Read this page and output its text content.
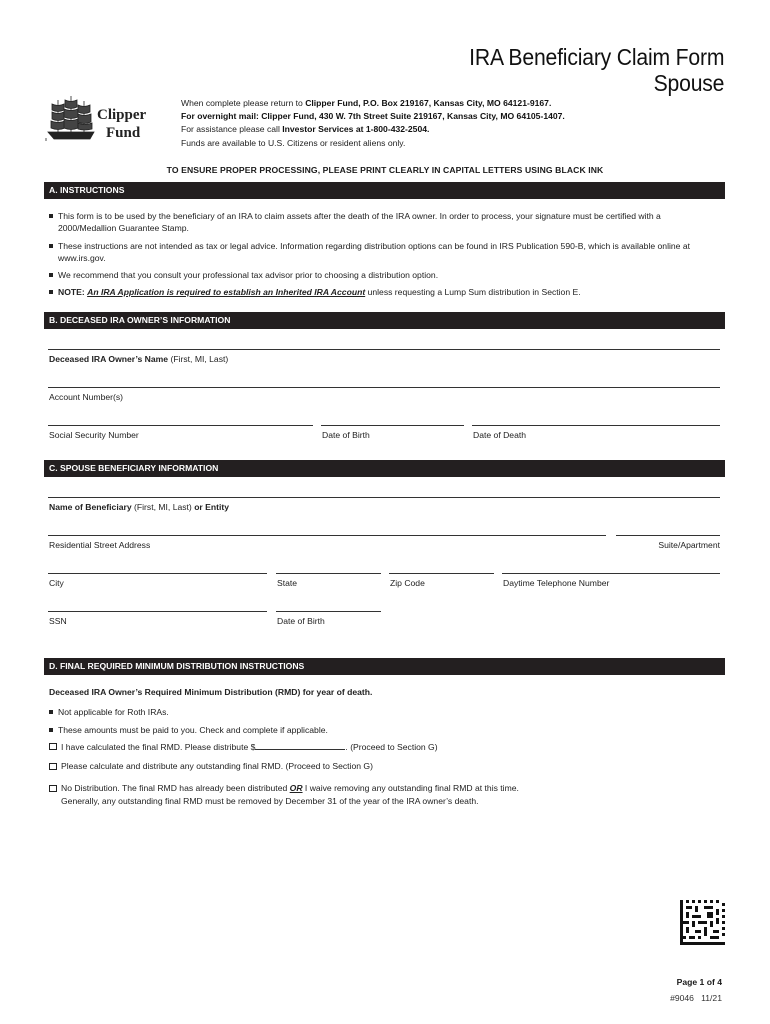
IRA Beneficiary Claim Form
Spouse
Clipper
Fund
When complete please return to Clipper Fund, P.O. Box 219167, Kansas City, MO 64121-9167.
For overnight mail: Clipper Fund, 430 W. 7th Street Suite 219167, Kansas City, MO 64105-1407.
For assistance please call Investor Services at 1-800-432-2504.
Funds are available to U.S. Citizens or resident aliens only.
TO ENSURE PROPER PROCESSING, PLEASE PRINT CLEARLY IN CAPITAL LETTERS USING BLACK INK
A. INSTRUCTIONS
This form is to be used by the beneficiary of an IRA to claim assets after the death of the IRA owner. In order to process, your signature must be certified with a 2000/Medallion Guarantee Stamp.
These instructions are not intended as tax or legal advice. Information regarding distribution options can be found in IRS Publication 590-B, which is available online at www.irs.gov.
We recommend that you consult your professional tax advisor prior to choosing a distribution option.
NOTE: An IRA Application is required to establish an Inherited IRA Account unless requesting a Lump Sum distribution in Section E.
B. DECEASED IRA OWNER’S INFORMATION
Deceased IRA Owner’s Name (First, MI, Last)
Account Number(s)
Social Security Number	Date of Birth	Date of Death
C. SPOUSE BENEFICIARY INFORMATION
Name of Beneficiary (First, MI, Last) or Entity
Residential Street Address	Suite/Apartment
City	State	Zip Code	Daytime Telephone Number
SSN	Date of Birth
D. FINAL REQUIRED MINIMUM DISTRIBUTION INSTRUCTIONS
Deceased IRA Owner’s Required Minimum Distribution (RMD) for year of death.
Not applicable for Roth IRAs.
These amounts must be paid to you. Check and complete if applicable.
I have calculated the final RMD. Please distribute $	. (Proceed to Section G)
Please calculate and distribute any outstanding final RMD. (Proceed to Section G)
No Distribution. The final RMD has already been distributed OR I waive removing any outstanding final RMD at this time.
Generally, any outstanding final RMD must be removed by December 31 of the year of the IRA owner’s death.
Page 1 of 4
#9046   11/21
